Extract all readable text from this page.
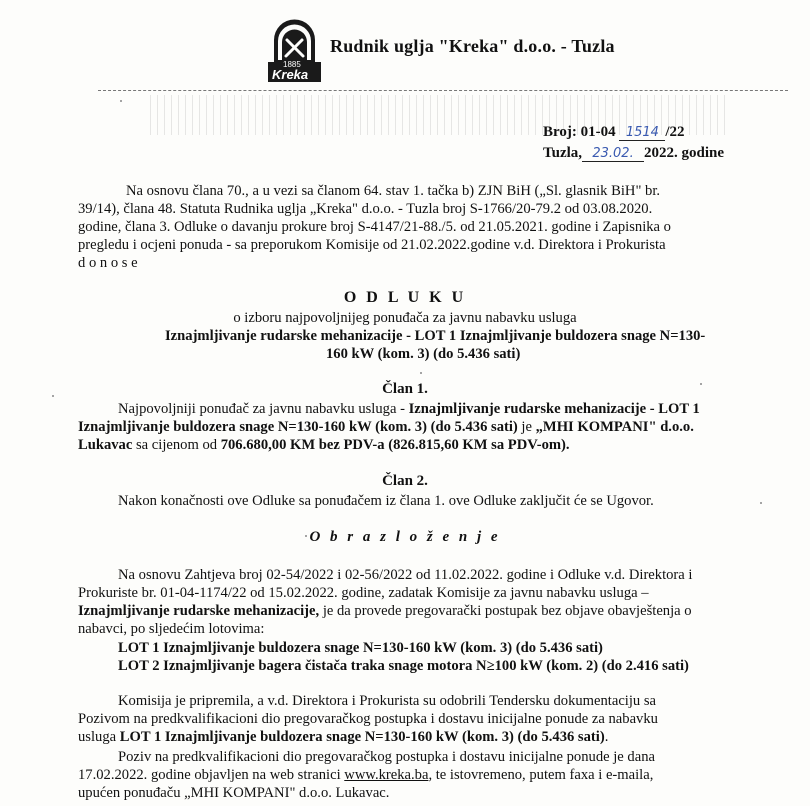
1885
Kreka
Rudnik uglja "Kreka" d.o.o. - Tuzla
Broj: 01-04 1514 /22
Tuzla, 23.02. 2022. godine
Na osnovu člana 70., a u vezi sa članom 64. stav 1. tačka b) ZJN BiH („Sl. glasnik BiH" br.
39/14), člana 48. Statuta Rudnika uglja „Kreka" d.o.o. - Tuzla broj S-1766/20-79.2 od 03.08.2020.
godine, člana 3. Odluke o davanju prokure broj S-4147/21-88./5. od 21.05.2021. godine i Zapisnika o
pregledu i ocjeni ponuda - sa preporukom Komisije od 21.02.2022.godine v.d. Direktora i Prokurista
d o n o s e
O D L U K U
o izboru najpovoljnijeg ponuđača za javnu nabavku usluga
Iznajmljivanje rudarske mehanizacije - LOT 1 Iznajmljivanje buldozera snage N=130-
160 kW (kom. 3) (do 5.436 sati)
Član 1.
Najpovoljniji ponuđač za javnu nabavku usluga - Iznajmljivanje rudarske mehanizacije - LOT 1
Iznajmljivanje buldozera snage N=130-160 kW (kom. 3) (do 5.436 sati) je „MHI KOMPANI" d.o.o.
Lukavac sa cijenom od 706.680,00 KM bez PDV-a (826.815,60 KM sa PDV-om).
Član 2.
Nakon konačnosti ove Odluke sa ponuđačem iz člana 1. ove Odluke zaključit će se Ugovor.
O b r a z l o ž e n j e
Na osnovu Zahtjeva broj 02-54/2022 i 02-56/2022 od 11.02.2022. godine i Odluke v.d. Direktora i
Prokuriste br. 01-04-1174/22 od 15.02.2022. godine, zadatak Komisije za javnu nabavku usluga –
Iznajmljivanje rudarske mehanizacije, je da provede pregovarački postupak bez objave obavještenja o
nabavci, po sljedećim lotovima:
LOT 1 Iznajmljivanje buldozera snage N=130-160 kW (kom. 3) (do 5.436 sati)
LOT 2 Iznajmljivanje bagera čistača traka snage motora N≥100 kW (kom. 2) (do 2.416 sati)
Komisija je pripremila, a v.d. Direktora i Prokurista su odobrili Tendersku dokumentaciju sa
Pozivom na predkvalifikacioni dio pregovaračkog postupka i dostavu inicijalne ponude za nabavku
usluga LOT 1 Iznajmljivanje buldozera snage N=130-160 kW (kom. 3) (do 5.436 sati).
Poziv na predkvalifikacioni dio pregovaračkog postupka i dostavu inicijalne ponude je dana
17.02.2022. godine objavljen na web stranici www.kreka.ba, te istovremeno, putem faxa i e-maila,
upućen ponuđaču „MHI KOMPANI" d.o.o. Lukavac.
